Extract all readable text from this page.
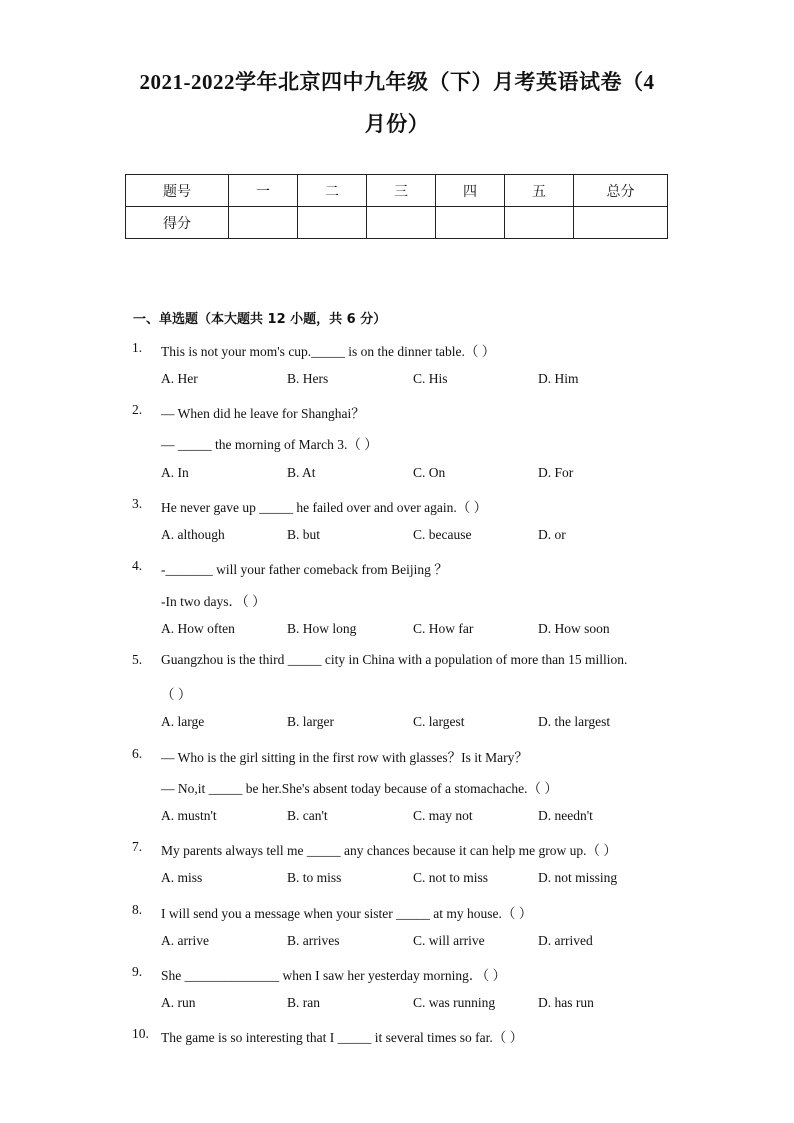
2021-2022学年北京四中九年级（下）月考英语试卷（4
月份）
题号	一	二	三	四	五	总分
得分						
一、单选题（本大题共 12 小题，共 6 分）
1. This is not your mom's cup._____ is on the dinner table.（ ）
A. Her	B. Hers	C. His	D. Him
2. — When did he leave for Shanghai？
— _____ the morning of March 3.（ ）
A. In	B. At	C. On	D. For
3. He never gave up _____ he failed over and over again.（ ）
A. although	B. but	C. because	D. or
4. -_______ will your father comeback from Beijing ？
-In two days．（ ）
A. How often	B. How long	C. How far	D. How soon
5. Guangzhou is the third _____ city in China with a population of more than 15 million.
（ ）
A. large	B. larger	C. largest	D. the largest
6. — Who is the girl sitting in the first row with glasses？Is it Mary？
— No,it _____ be her.She's absent today because of a stomachache.（ ）
A. mustn't	B. can't	C. may not	D. needn't
7. My parents always tell me _____ any chances because it can help me grow up.（ ）
A. miss	B. to miss	C. not to miss	D. not missing
8. I will send you a message when your sister _____ at my house.（ ）
A. arrive	B. arrives	C. will arrive	D. arrived
9. She ______________ when I saw her yesterday morning．（ ）
A. run	B. ran	C. was running	D. has run
10. The game is so interesting that I _____ it several times so far.（ ）
